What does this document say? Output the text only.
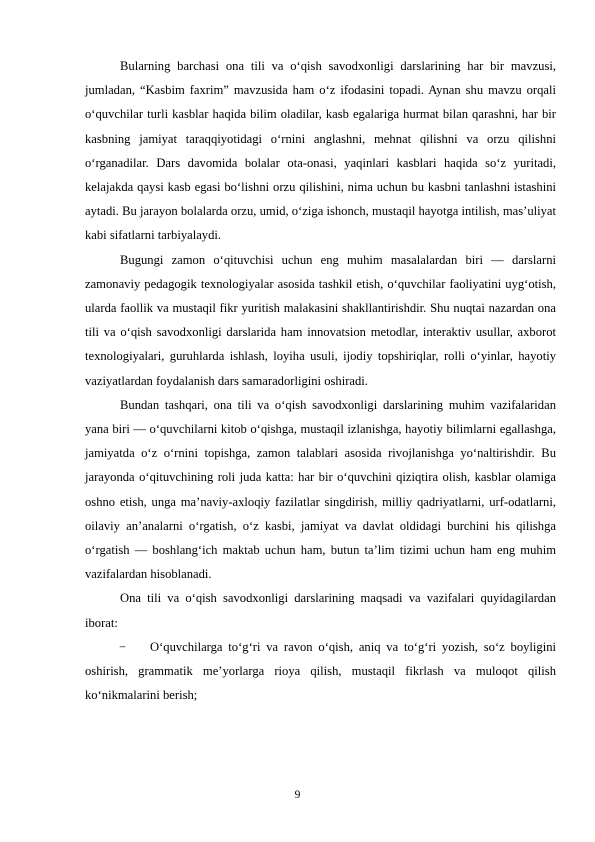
Bularning barchasi ona tili va o‘qish savodxonligi darslarining har bir mavzusi, jumladan, “Kasbim faxrim” mavzusida ham o‘z ifodasini topadi. Aynan shu mavzu orqali o‘quvchilar turli kasblar haqida bilim oladilar, kasb egalariga hurmat bilan qarashni, har bir kasbning jamiyat taraqqiyotidagi o‘rnini anglashni, mehnat qilishni va orzu qilishni o‘rganadilar. Dars davomida bolalar ota-onasi, yaqinlari kasblari haqida so‘z yuritadi, kelajakda qaysi kasb egasi bo‘lishni orzu qilishini, nima uchun bu kasbni tanlashni istashini aytadi. Bu jarayon bolalarda orzu, umid, o‘ziga ishonch, mustaqil hayotga intilish, mas’uliyat kabi sifatlarni tarbiyalaydi.

Bugungi zamon o‘qituvchisi uchun eng muhim masalalardan biri — darslarni zamonaviy pedagogik texnologiyalar asosida tashkil etish, o‘quvchilar faoliyatini uyg‘otish, ularda faollik va mustaqil fikr yuritish malakasini shakllantirishdir. Shu nuqtai nazardan ona tili va o‘qish savodxonligi darslarida ham innovatsion metodlar, interaktiv usullar, axborot texnologiyalari, guruhlarda ishlash, loyiha usuli, ijodiy topshiriqlar, rolli o‘yinlar, hayotiy vaziyatlardan foydalanish dars samaradorligini oshiradi.

Bundan tashqari, ona tili va o‘qish savodxonligi darslarining muhim vazifalaridan yana biri — o‘quvchilarni kitob o‘qishga, mustaqil izlanishga, hayotiy bilimlarni egallashga, jamiyatda o‘z o‘rnini topishga, zamon talablari asosida rivojlanishga yo‘naltirishdir. Bu jarayonda o‘qituvchining roli juda katta: har bir o‘quvchini qiziqtira olish, kasblar olamiga oshno etish, unga ma’naviy-axloqiy fazilatlar singdirish, milliy qadriyatlarni, urf-odatlarni, oilaviy an’analarni o‘rgatish, o‘z kasbi, jamiyat va davlat oldidagi burchini his qilishga o‘rgatish — boshlang‘ich maktab uchun ham, butun ta’lim tizimi uchun ham eng muhim vazifalardan hisoblanadi.

Ona tili va o‘qish savodxonligi darslarining maqsadi va vazifalari quyidagilardan iborat:

− O‘quvchilarga to‘g‘ri va ravon o‘qish, aniq va to‘g‘ri yozish, so‘z boyligini oshirish, grammatik me’yorlarga rioya qilish, mustaqil fikrlash va muloqot qilish ko‘nikmalarini berish;

9
